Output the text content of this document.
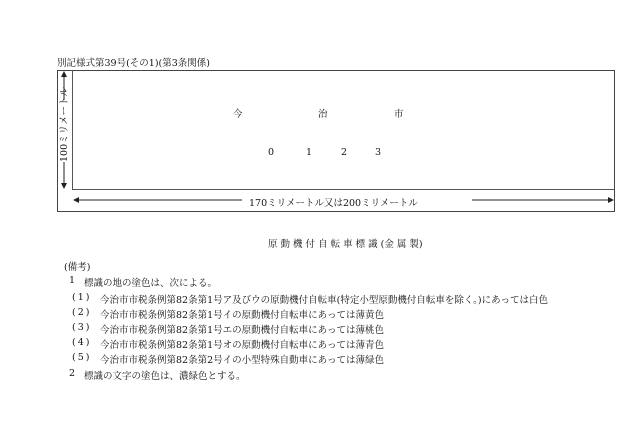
別記様式第39号(その1)(第3条関係)
100ミリメートル	今	治	市
0	1	2	3
170ミリメートル又は200ミリメートル
原 動 機 付 自 転 車 標 識 (金 属 製)
(備考)
1 標識の地の塗色は、次による。
(1) 今治市市税条例第82条第1号ア及びウの原動機付自転車(特定小型原動機付自転車を除く。)にあっては白色
(2) 今治市市税条例第82条第1号イの原動機付自転車にあっては薄黄色
(3) 今治市市税条例第82条第1号エの原動機付自転車にあっては薄桃色
(4) 今治市市税条例第82条第1号オの原動機付自転車にあっては薄青色
(5) 今治市市税条例第82条第2号イの小型特殊自動車にあっては薄緑色
2 標識の文字の塗色は、濃緑色とする。
